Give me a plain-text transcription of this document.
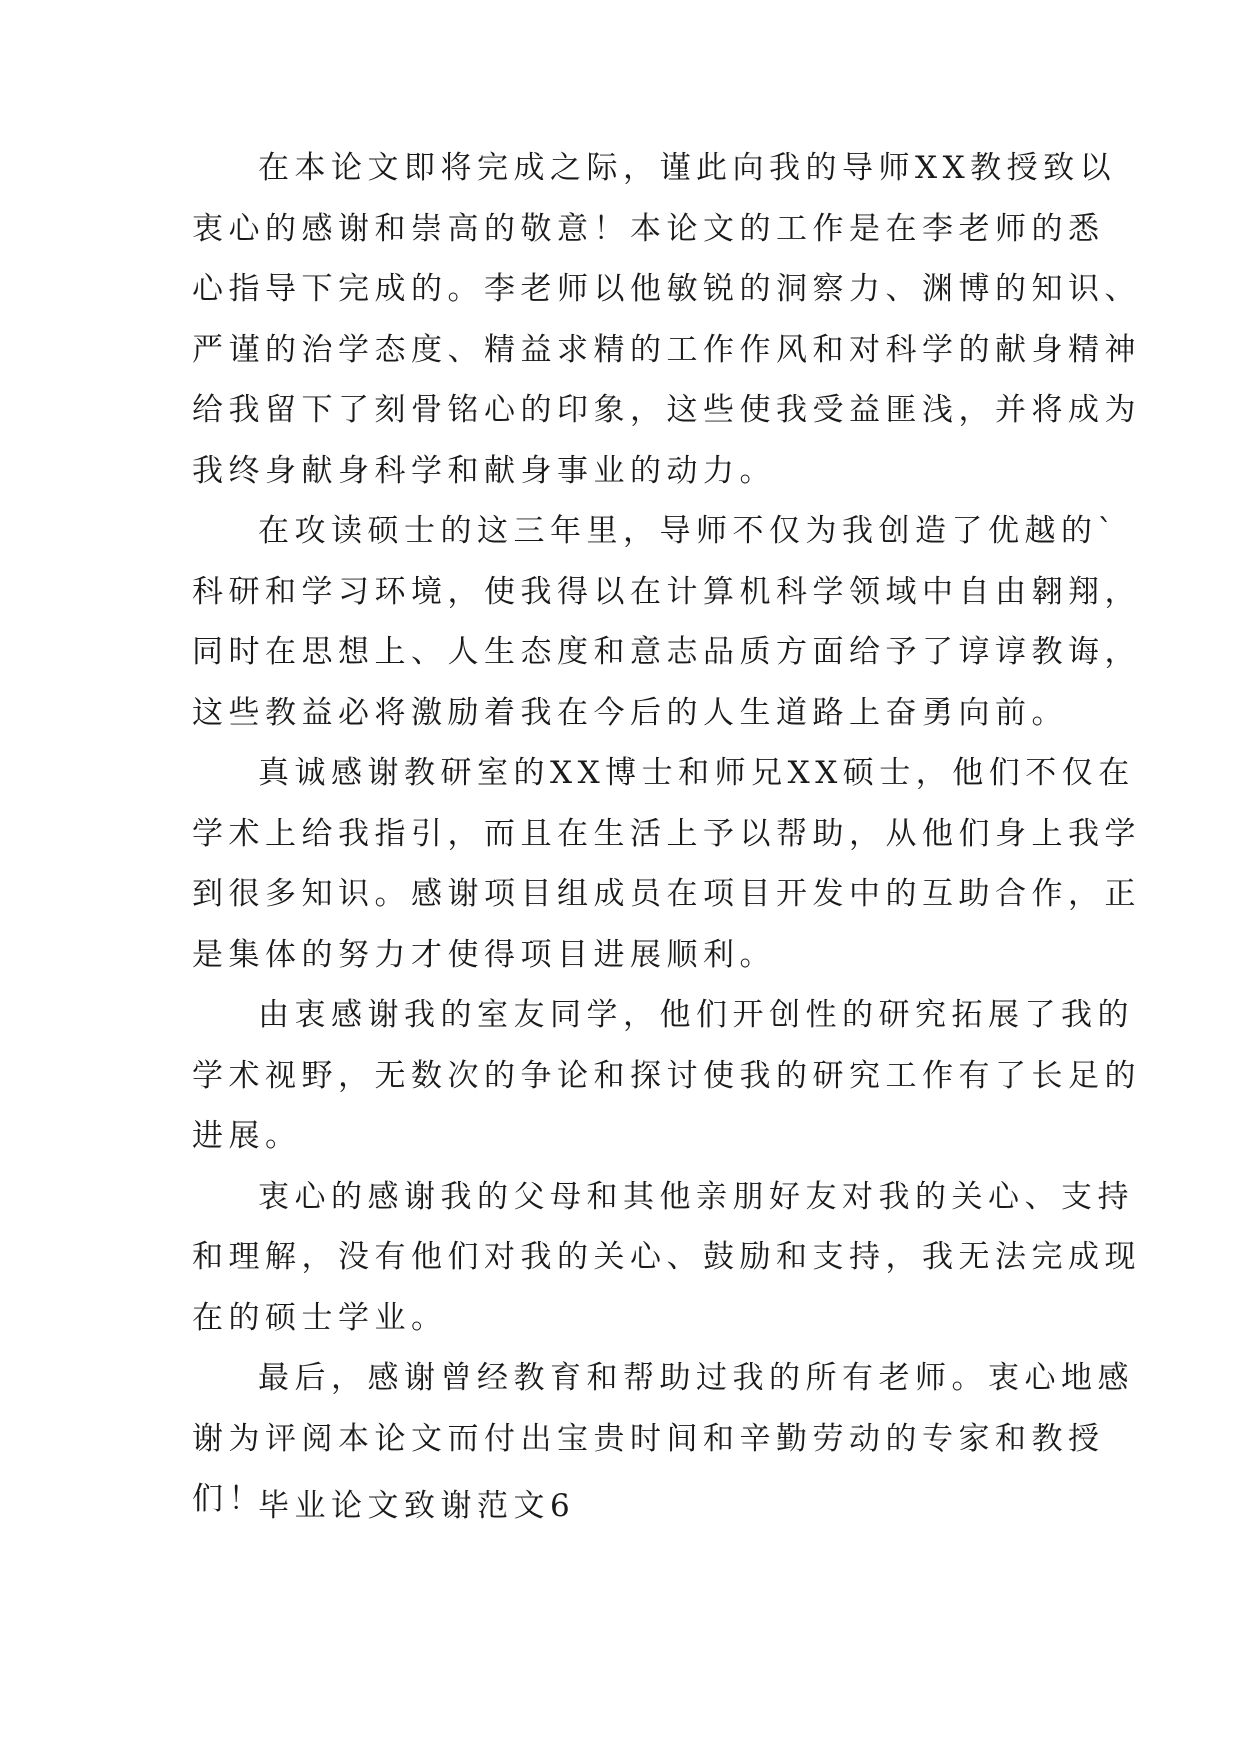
在本论文即将完成之际，谨此向我的导师XX教授致以
衷心的感谢和崇高的敬意！本论文的工作是在李老师的悉
心指导下完成的。李老师以他敏锐的洞察力、渊博的知识、
严谨的治学态度、精益求精的工作作风和对科学的献身精神
给我留下了刻骨铭心的印象，这些使我受益匪浅，并将成为
我终身献身科学和献身事业的动力。
在攻读硕士的这三年里，导师不仅为我创造了优越的`
科研和学习环境，使我得以在计算机科学领域中自由翱翔，
同时在思想上、人生态度和意志品质方面给予了谆谆教诲，
这些教益必将激励着我在今后的人生道路上奋勇向前。
真诚感谢教研室的XX博士和师兄XX硕士，他们不仅在
学术上给我指引，而且在生活上予以帮助，从他们身上我学
到很多知识。感谢项目组成员在项目开发中的互助合作，正
是集体的努力才使得项目进展顺利。
由衷感谢我的室友同学，他们开创性的研究拓展了我的
学术视野，无数次的争论和探讨使我的研究工作有了长足的
进展。
衷心的感谢我的父母和其他亲朋好友对我的关心、支持
和理解，没有他们对我的关心、鼓励和支持，我无法完成现
在的硕士学业。
最后，感谢曾经教育和帮助过我的所有老师。衷心地感
谢为评阅本论文而付出宝贵时间和辛勤劳动的专家和教授
们！
毕业论文致谢范文6
